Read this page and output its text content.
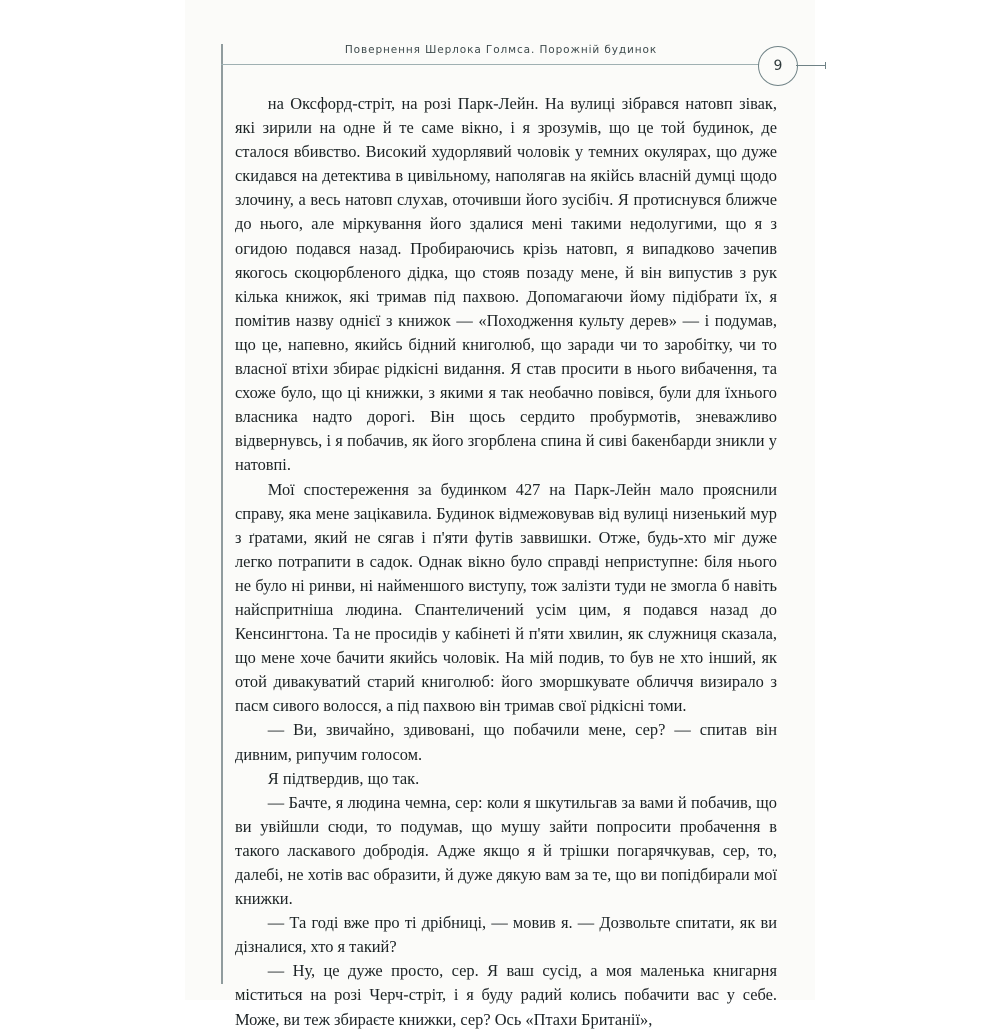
Повернення Шерлока Голмса. Порожній будинок
9

на Оксфорд-стріт, на розі Парк-Лейн. На вулиці зібрався натовп зівак, які зирили на одне й те саме вікно, і я зрозумів, що це той будинок, де сталося вбивство. Високий худорлявий чоловік у темних окулярах, що дуже скидався на детектива в цивільному, наполягав на якійсь власній думці щодо злочину, а весь натовп слухав, оточивши його зусібіч. Я протиснувся ближче до нього, але міркування його здалися мені такими недолугими, що я з огидою подався назад. Пробираючись крізь натовп, я випадково зачепив якогось скоцюрбленого дідка, що стояв позаду мене, й він випустив з рук кілька книжок, які тримав під пахвою. Допомагаючи йому підібрати їх, я помітив назву однієї з книжок — «Походження культу дерев» — і подумав, що це, напевно, якийсь бідний книголюб, що заради чи то заробітку, чи то власної втіхи збирає рідкісні видання. Я став просити в нього вибачення, та схоже було, що ці книжки, з якими я так необачно повівся, були для їхнього власника надто дорогі. Він щось сердито пробурмотів, зневажливо відвернувсь, і я побачив, як його згорблена спина й сиві бакенбарди зникли у натовпі.

Мої спостереження за будинком 427 на Парк-Лейн мало прояснили справу, яка мене зацікавила. Будинок відмежовував від вулиці низенький мур з ґратами, який не сягав і п'яти футів заввишки. Отже, будь-хто міг дуже легко потрапити в садок. Однак вікно було справді неприступне: біля нього не було ні ринви, ні найменшого виступу, тож залізти туди не змогла б навіть найспритніша людина. Спантеличений усім цим, я подався назад до Кенсингтона. Та не просидів у кабінеті й п'яти хвилин, як служниця сказала, що мене хоче бачити якийсь чоловік. На мій подив, то був не хто інший, як отой дивакуватий старий книголюб: його зморшкувате обличчя визирало з пасм сивого волосся, а під пахвою він тримав свої рідкісні томи.

— Ви, звичайно, здивовані, що побачили мене, сер? — спитав він дивним, рипучим голосом.

Я підтвердив, що так.

— Бачте, я людина чемна, сер: коли я шкутильгав за вами й побачив, що ви увійшли сюди, то подумав, що мушу зайти попросити пробачення в такого ласкавого добродія. Адже якщо я й трішки погарячкував, сер, то, далебі, не хотів вас образити, й дуже дякую вам за те, що ви попідбирали мої книжки.

— Та годі вже про ті дрібниці, — мовив я. — Дозвольте спитати, як ви дізналися, хто я такий?

— Ну, це дуже просто, сер. Я ваш сусід, а моя маленька книгарня міститься на розі Черч-стріт, і я буду радий колись побачити вас у себе. Може, ви теж збираєте книжки, сер? Ось «Птахи Британії»,
